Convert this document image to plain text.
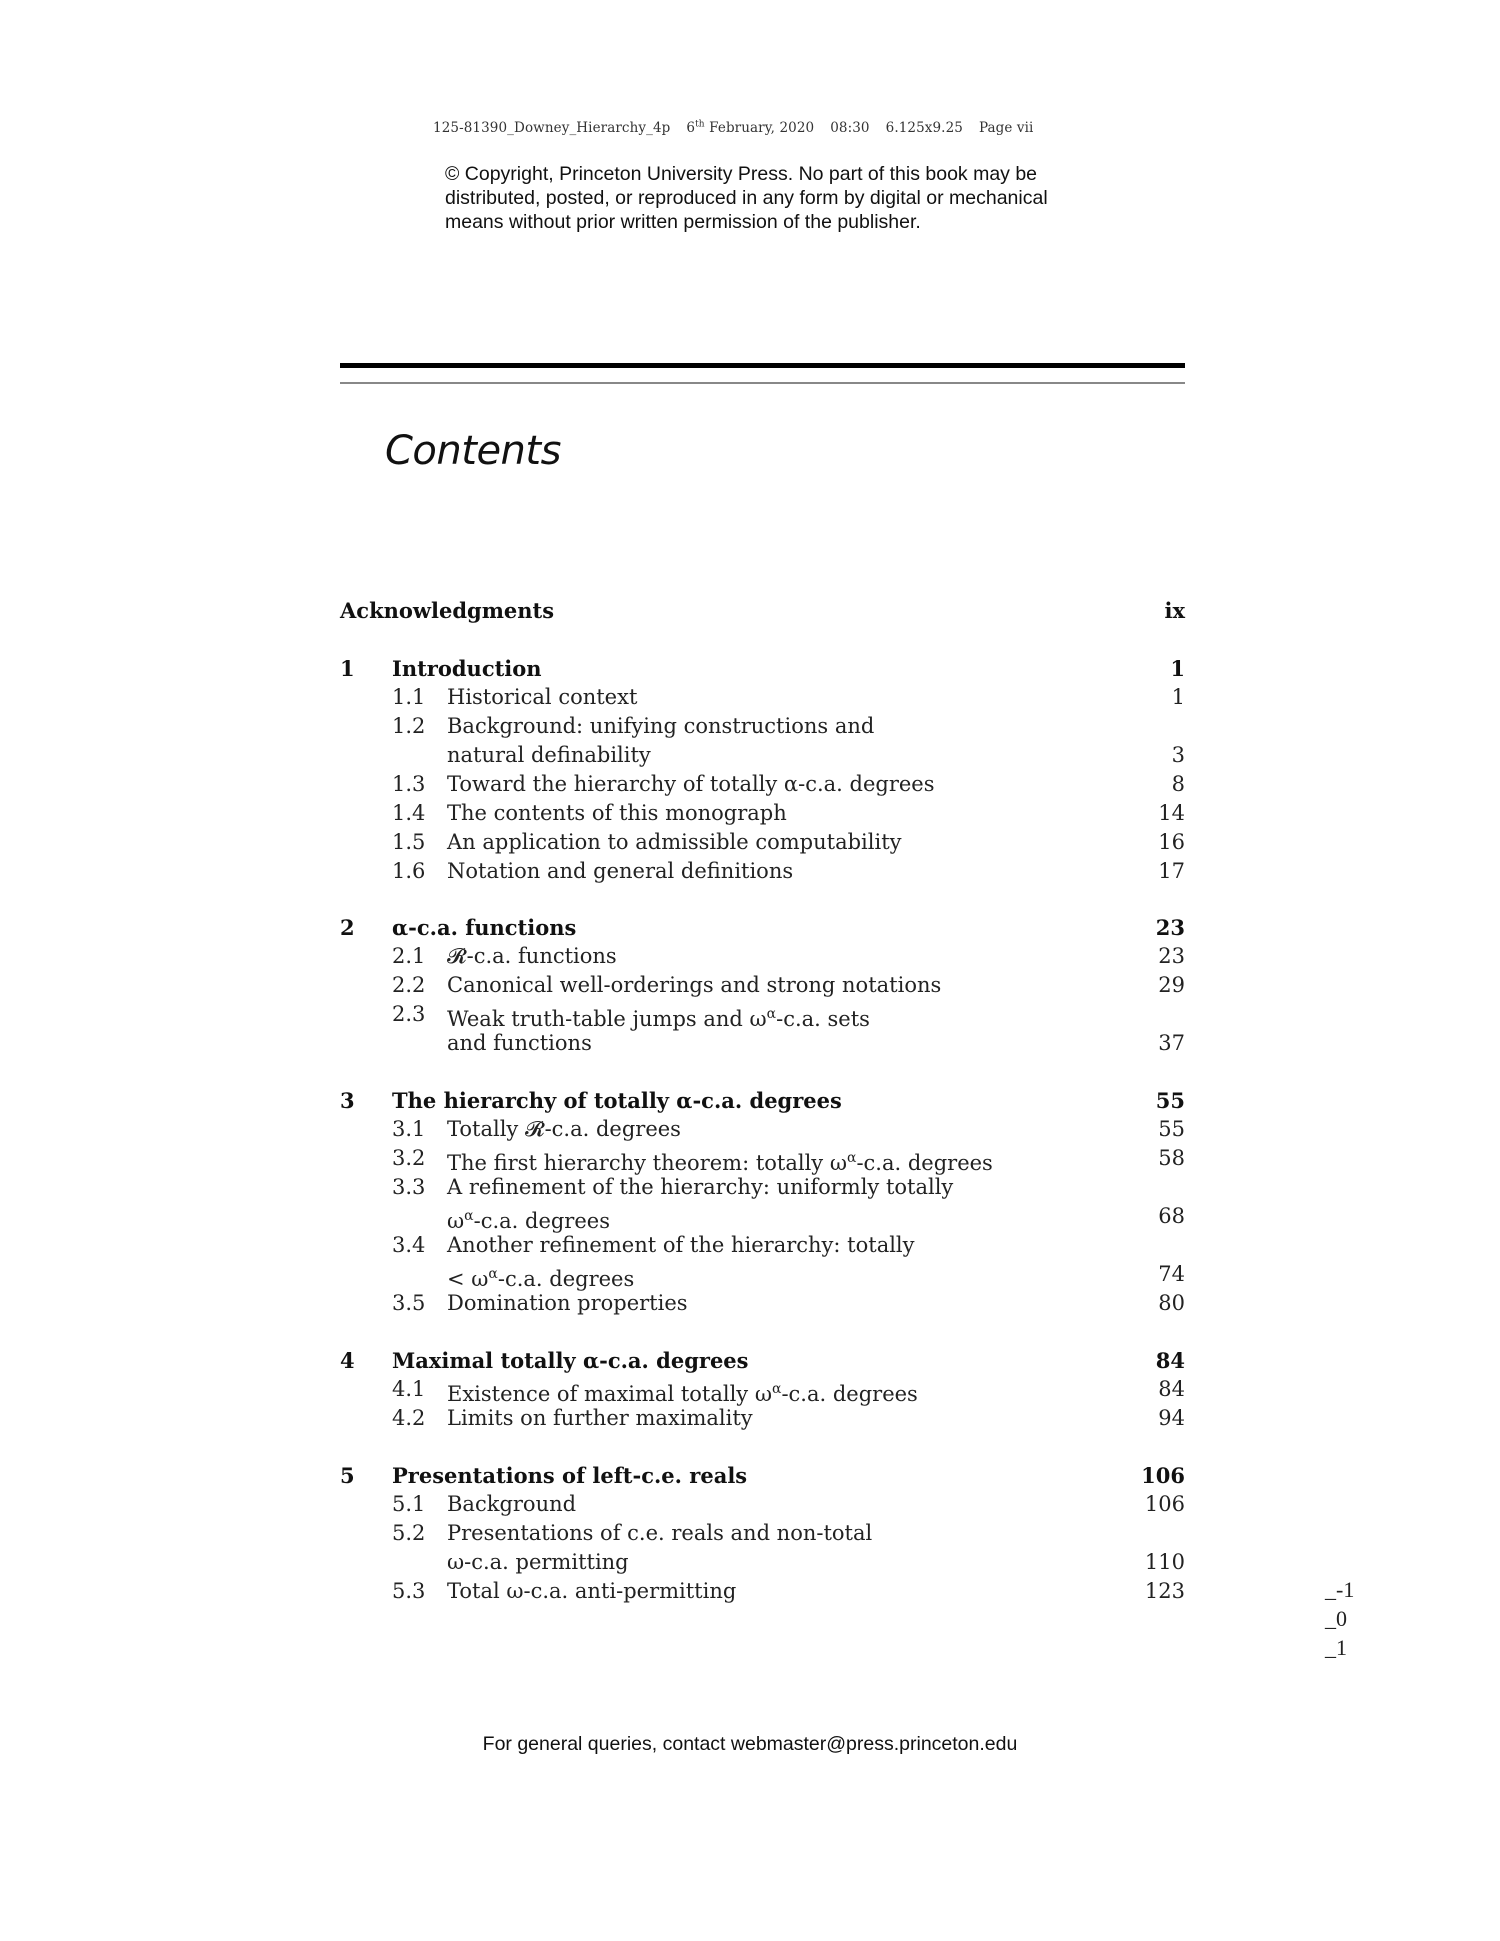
125-81390_Downey_Hierarchy_4p 6th February, 2020 08:30 6.125x9.25 Page vii
© Copyright, Princeton University Press. No part of this book may be
distributed, posted, or reproduced in any form by digital or mechanical
means without prior written permission of the publisher.
Contents
Acknowledgments	ix
1 Introduction	1
1.1 Historical context	1
1.2 Background: unifying constructions and
natural definability	3
1.3 Toward the hierarchy of totally α-c.a. degrees	8
1.4 The contents of this monograph	14
1.5 An application to admissible computability	16
1.6 Notation and general definitions	17
2 α-c.a. functions	23
2.1 𝓡-c.a. functions	23
2.2 Canonical well-orderings and strong notations	29
2.3 Weak truth-table jumps and $\omega^\alpha-c.a$. sets
and functions	37
3 The hierarchy of totally α-c.a. degrees	55
3.1 Totally 𝓡-c.a. degrees	55
3.2 The first hierarchy theorem: totally $\omega^\alpha-c.a$. degrees	58
3.3 A refinement of the hierarchy: uniformly totally
$\omega^\alpha-c.a$. degrees	68
3.4 Another refinement of the hierarchy: totally
< $\omega^\alpha-c.a$. degrees	74
3.5 Domination properties	80
4 Maximal totally α-c.a. degrees	84
4.1 Existence of maximal totally $\omega^\alpha-c.a$. degrees	84
4.2 Limits on further maximality	94
5 Presentations of left-c.e. reals	106
5.1 Background	106
5.2 Presentations of c.e. reals and non-total
ω-c.a. permitting	110
5.3 Total ω-c.a. anti-permitting	123	_-1
_0
_1
For general queries, contact webmaster@press.princeton.edu
